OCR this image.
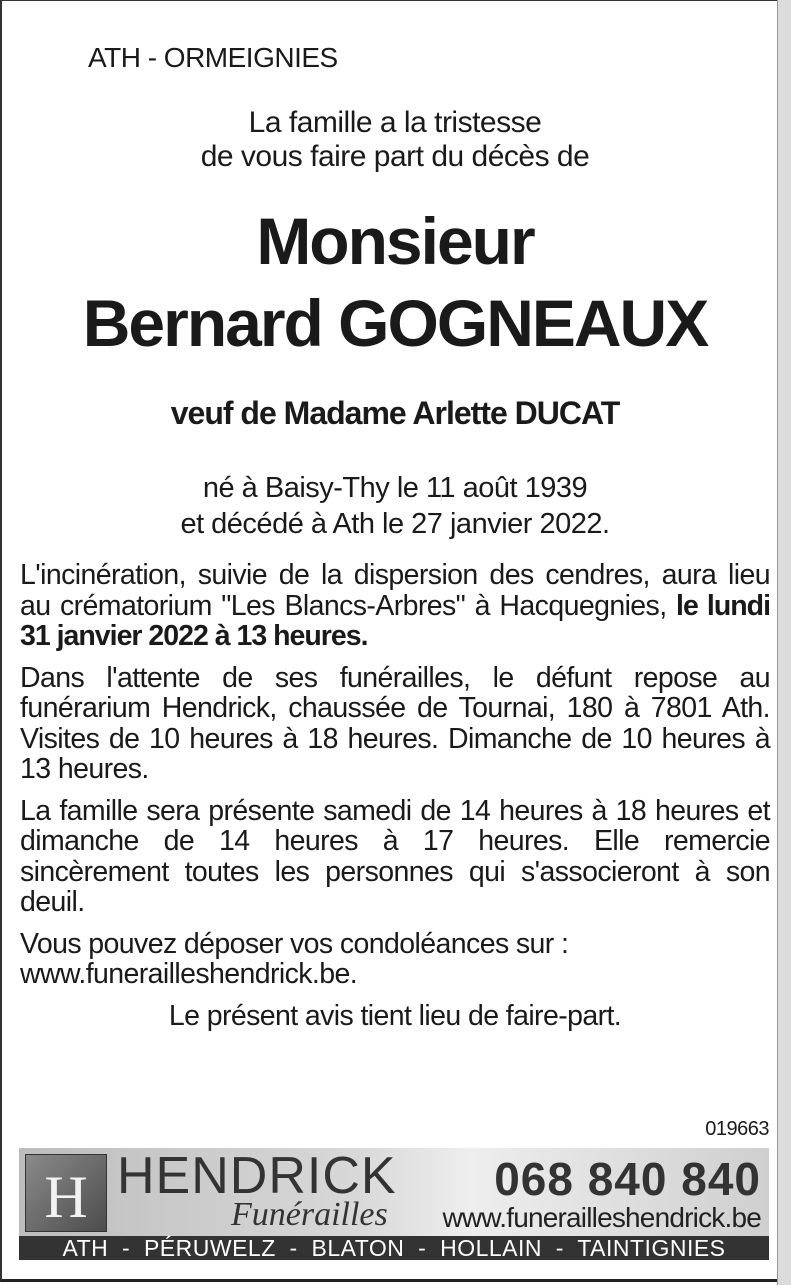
ATH - ORMEIGNIES
La famille a la tristesse
de vous faire part du décès de
Monsieur
Bernard GOGNEAUX
veuf de Madame Arlette DUCAT
né à Baisy-Thy le 11 août 1939
et décédé à Ath le 27 janvier 2022.

L'incinération, suivie de la dispersion des cendres, aura lieu au crématorium "Les Blancs-Arbres" à Hacquegnies, le lundi 31 janvier 2022 à 13 heures.

Dans l'attente de ses funérailles, le défunt repose au funérarium Hendrick, chaussée de Tournai, 180 à 7801 Ath. Visites de 10 heures à 18 heures. Dimanche de 10 heures à 13 heures.

La famille sera présente samedi de 14 heures à 18 heures et dimanche de 14 heures à 17 heures. Elle remercie sincèrement toutes les personnes qui s'associeront à son deuil.

Vous pouvez déposer vos condoléances sur : www.funerailleshendrick.be.

Le présent avis tient lieu de faire-part.

019663
H HENDRICK
Funérailles
068 840 840
www.funerailleshendrick.be
ATH  -  PÉRUWELZ  -  BLATON  -  HOLLAIN  -  TAINTIGNIES
